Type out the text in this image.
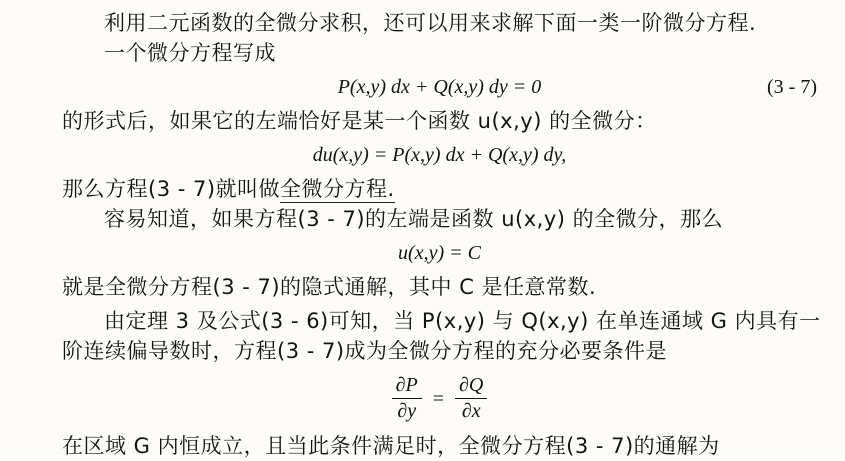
利用二元函数的全微分求积，还可以用来求解下面一类一阶微分方程.

一个微分方程写成

P(x,y) dx + Q(x,y) dy = 0	(3 - 7)

的形式后，如果它的左端恰好是某一个函数 u(x,y) 的全微分：

du(x,y) = P(x,y) dx + Q(x,y) dy,

那么方程(3 - 7)就叫做全微分方程.

容易知道，如果方程(3 - 7)的左端是函数 u(x,y) 的全微分，那么

u(x,y) = C

就是全微分方程(3 - 7)的隐式通解，其中 C 是任意常数.

由定理 3 及公式(3 - 6)可知，当 P(x,y) 与 Q(x,y) 在单连通域 G 内具有一

阶连续偏导数时，方程(3 - 7)成为全微分方程的充分必要条件是

$\frac{\partial P}{\partial y} = \frac{\partial Q}{\partial x}$

在区域 G 内恒成立，且当此条件满足时，全微分方程(3 - 7)的通解为
